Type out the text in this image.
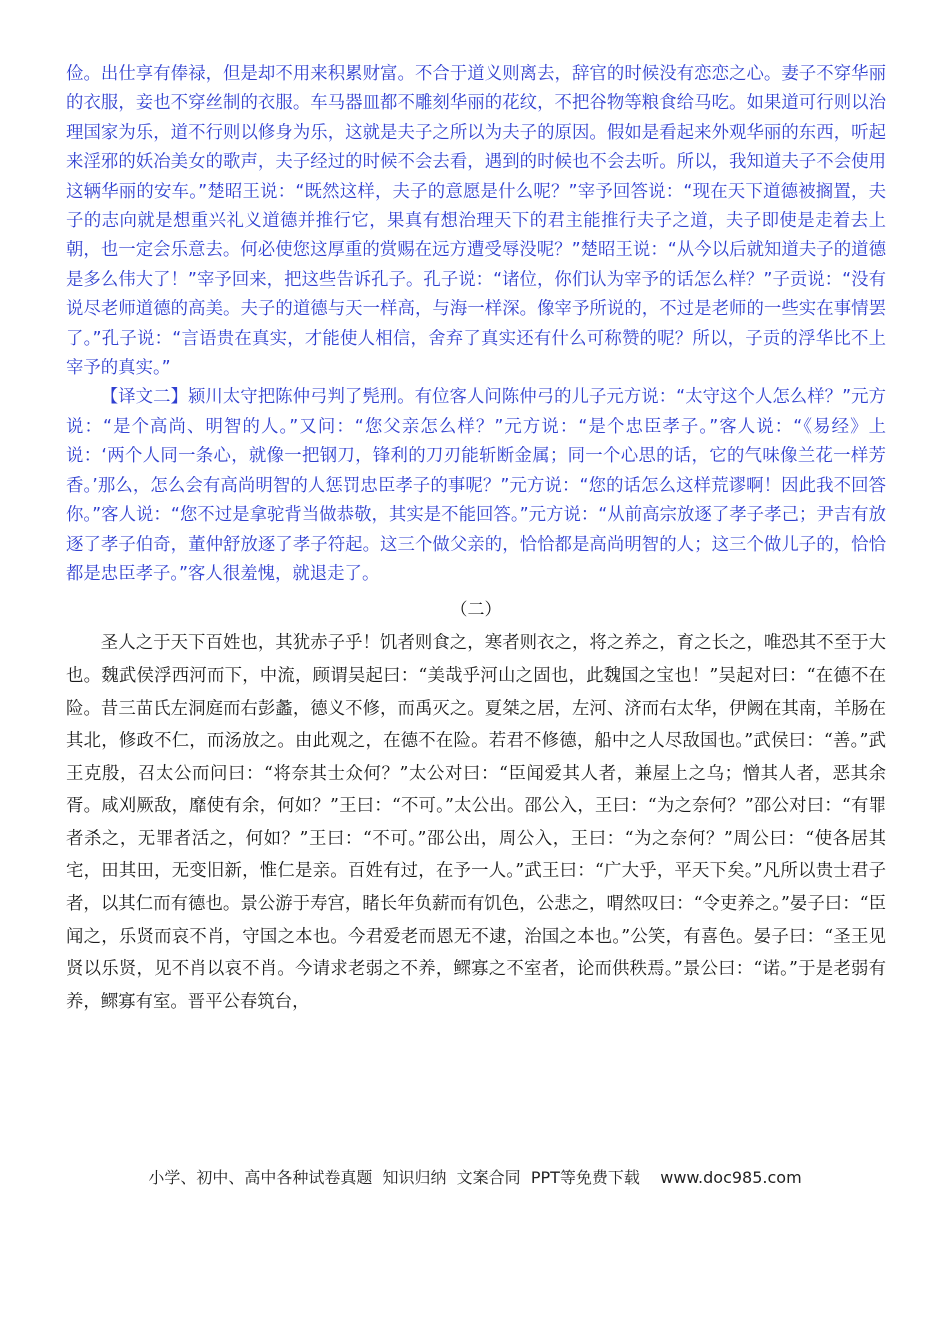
俭。出仕享有俸禄，但是却不用来积累财富。不合于道义则离去，辞官的时候没有恋恋之心。妻子不穿华丽的衣服，妾也不穿丝制的衣服。车马器皿都不雕刻华丽的花纹，不把谷物等粮食给马吃。如果道可行则以治理国家为乐，道不行则以修身为乐，这就是夫子之所以为夫子的原因。假如是看起来外观华丽的东西，听起来淫邪的妖冶美女的歌声，夫子经过的时候不会去看，遇到的时候也不会去听。所以，我知道夫子不会使用这辆华丽的安车。”楚昭王说：“既然这样，夫子的意愿是什么呢？”宰予回答说：“现在天下道德被搁置，夫子的志向就是想重兴礼义道德并推行它，果真有想治理天下的君主能推行夫子之道，夫子即使是走着去上朝，也一定会乐意去。何必使您这厚重的赏赐在远方遭受辱没呢？”楚昭王说：“从今以后就知道夫子的道德是多么伟大了！”宰予回来，把这些告诉孔子。孔子说：“诸位，你们认为宰予的话怎么样？”子贡说：“没有说尽老师道德的高美。夫子的道德与天一样高，与海一样深。像宰予所说的，不过是老师的一些实在事情罢了。”孔子说：“言语贵在真实，才能使人相信，舍弃了真实还有什么可称赞的呢？所以，子贡的浮华比不上宰予的真实。”

【译文二】颍川太守把陈仲弓判了髡刑。有位客人问陈仲弓的儿子元方说：“太守这个人怎么样？”元方说：“是个高尚、明智的人。”又问：“您父亲怎么样？”元方说：“是个忠臣孝子。”客人说：“《易经》上说：‘两个人同一条心，就像一把钢刀，锋利的刀刃能斩断金属；同一个心思的话，它的气味像兰花一样芳香。’那么，怎么会有高尚明智的人惩罚忠臣孝子的事呢？”元方说：“您的话怎么这样荒谬啊！因此我不回答你。”客人说：“您不过是拿驼背当做恭敬，其实是不能回答。”元方说：“从前高宗放逐了孝子孝己；尹吉有放逐了孝子伯奇，董仲舒放逐了孝子符起。这三个做父亲的，恰恰都是高尚明智的人；这三个做儿子的，恰恰都是忠臣孝子。”客人很羞愧，就退走了。

（二）

圣人之于天下百姓也，其犹赤子乎！饥者则食之，寒者则衣之，将之养之，育之长之，唯恐其不至于大也。魏武侯浮西河而下，中流，顾谓吴起曰：“美哉乎河山之固也，此魏国之宝也！”吴起对曰：“在德不在险。昔三苗氏左洞庭而右彭蠡，德义不修，而禹灭之。夏桀之居，左河、济而右太华，伊阙在其南，羊肠在其北，修政不仁，而汤放之。由此观之，在德不在险。若君不修德，船中之人尽敌国也。”武侯曰：“善。”武王克殷，召太公而问曰：“将奈其士众何？”太公对曰：“臣闻爱其人者，兼屋上之乌；憎其人者，恶其余胥。咸刈厥敌，靡使有余，何如？”王曰：“不可。”太公出。邵公入，王曰：“为之奈何？”邵公对曰：“有罪者杀之，无罪者活之，何如？”王曰：“不可。”邵公出，周公入，王曰：“为之奈何？”周公曰：“使各居其宅，田其田，无变旧新，惟仁是亲。百姓有过，在予一人。”武王曰：“广大乎，平天下矣。”凡所以贵士君子者，以其仁而有德也。景公游于寿宫，睹长年负薪而有饥色，公悲之，喟然叹曰：“令吏养之。”晏子曰：“臣闻之，乐贤而哀不肖，守国之本也。今君爱老而恩无不逮，治国之本也。”公笑，有喜色。晏子曰：“圣王见贤以乐贤，见不肖以哀不肖。今请求老弱之不养，鳏寡之不室者，论而供秩焉。”景公曰：“诺。”于是老弱有养，鳏寡有室。晋平公春筑台，

小学、初中、高中各种试卷真题  知识归纳  文案合同  PPT等免费下载 www.doc985.com
